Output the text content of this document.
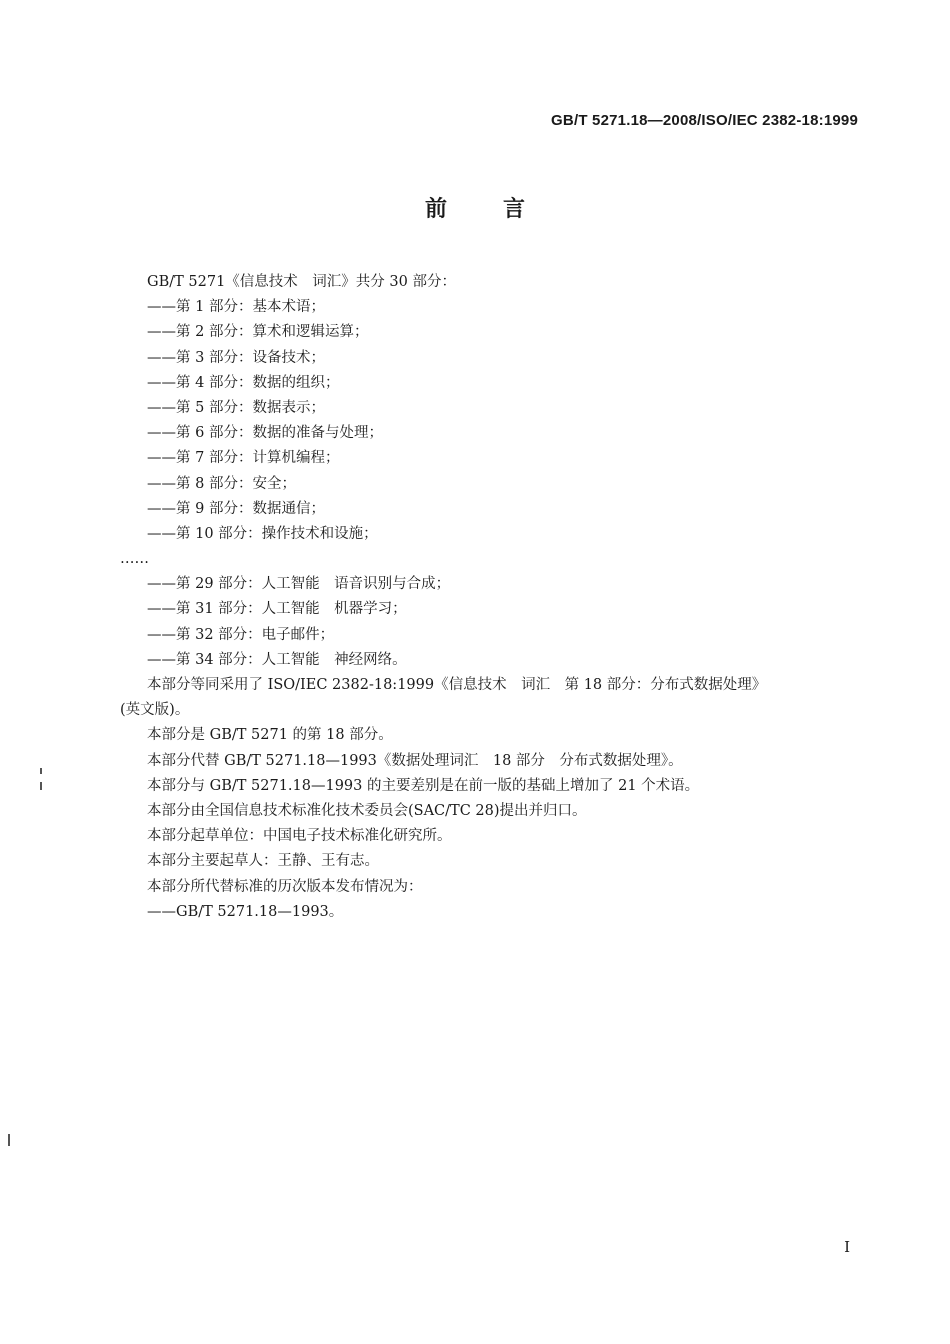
GB/T 5271.18—2008/ISO/IEC 2382-18:1999
前言

GB/T 5271《信息技术　词汇》共分 30 部分：

——第 1 部分：基本术语；

——第 2 部分：算术和逻辑运算；

——第 3 部分：设备技术；

——第 4 部分：数据的组织；

——第 5 部分：数据表示；

——第 6 部分：数据的准备与处理；

——第 7 部分：计算机编程；

——第 8 部分：安全；

——第 9 部分：数据通信；

——第 10 部分：操作技术和设施；

……

——第 29 部分：人工智能　语音识别与合成；

——第 31 部分：人工智能　机器学习；

——第 32 部分：电子邮件；

——第 34 部分：人工智能　神经网络。

本部分等同采用了 ISO/IEC 2382-18:1999《信息技术　词汇　第 18 部分：分布式数据处理》

(英文版)。

本部分是 GB/T 5271 的第 18 部分。

本部分代替 GB/T 5271.18—1993《数据处理词汇　18 部分　分布式数据处理》。

本部分与 GB/T 5271.18—1993 的主要差别是在前一版的基础上增加了 21 个术语。

本部分由全国信息技术标准化技术委员会(SAC/TC 28)提出并归口。

本部分起草单位：中国电子技术标准化研究所。

本部分主要起草人：王静、王有志。

本部分所代替标准的历次版本发布情况为：

——GB/T 5271.18—1993。

I
